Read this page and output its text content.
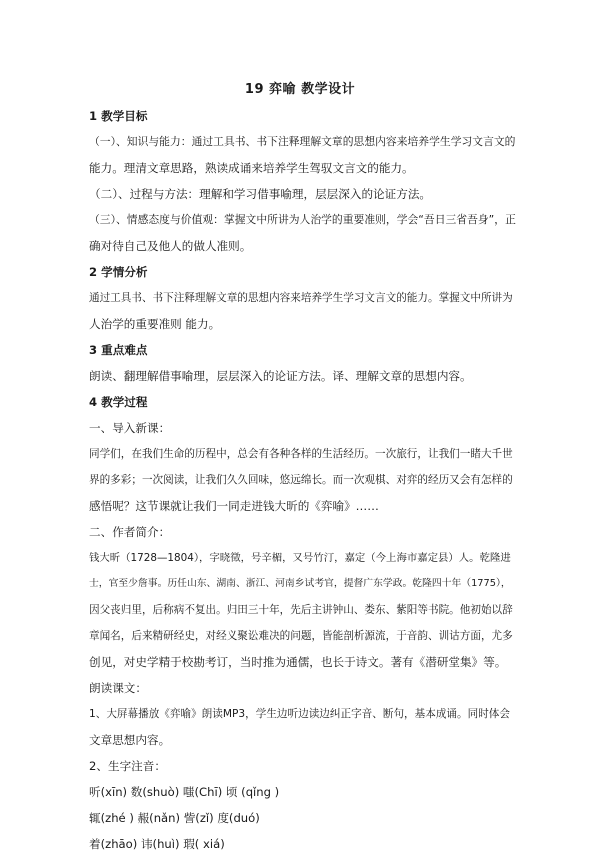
19 弈喻 教学设计

1 教学目标

（一）、知识与能力：通过工具书、书下注释理解文章的思想内容来培养学生学习文言文的

能力。理清文章思路，熟读成诵来培养学生驾驭文言文的能力。

（二）、过程与方法：理解和学习借事喻理，层层深入的论证方法。

（三）、情感态度与价值观：掌握文中所讲为人治学的重要准则，学会“吾日三省吾身”，正

确对待自己及他人的做人准则。

2 学情分析

通过工具书、书下注释理解文章的思想内容来培养学生学习文言文的能力。掌握文中所讲为

人治学的重要准则 能力。

3 重点难点

朗读、翻理解借事喻理，层层深入的论证方法。译、理解文章的思想内容。

4 教学过程

一、导入新课：

同学们，在我们生命的历程中，总会有各种各样的生活经历。一次旅行，让我们一睹大千世

界的多彩；一次阅读，让我们久久回味，悠远绵长。而一次观棋、对弈的经历又会有怎样的

感悟呢？这节课就让我们一同走进钱大昕的《弈喻》……

二、作者简介：

钱大昕（1728—1804），字晓徵，号辛楣，又号竹汀，嘉定（今上海市嘉定县）人。乾隆进

士，官至少詹事。历任山东、湖南、浙江、河南乡试考官，提督广东学政。乾隆四十年（1775），

因父丧归里，后称病不复出。归田三十年，先后主讲钟山、娄东、紫阳等书院。他初始以辞

章闻名，后来精研经史，对经义聚讼难决的问题，皆能剖析源流，于音韵、训诂方面，尤多

创见，对史学精于校勘考订，当时推为通儒，也长于诗文。著有《潜研堂集》等。

朗读课文：

1、大屏幕播放《弈喻》朗读MP3，学生边听边读边纠正字音、断句，基本成诵。同时体会

文章思想内容。

2、生字注音：

听(xīn) 数(shuò) 嗤(Chī) 顷 (qǐng )

辄(zhé ) 赧(nǎn) 訾(zǐ) 度(duó)

着(zhāo) 讳(huì) 瑕( xiá)
